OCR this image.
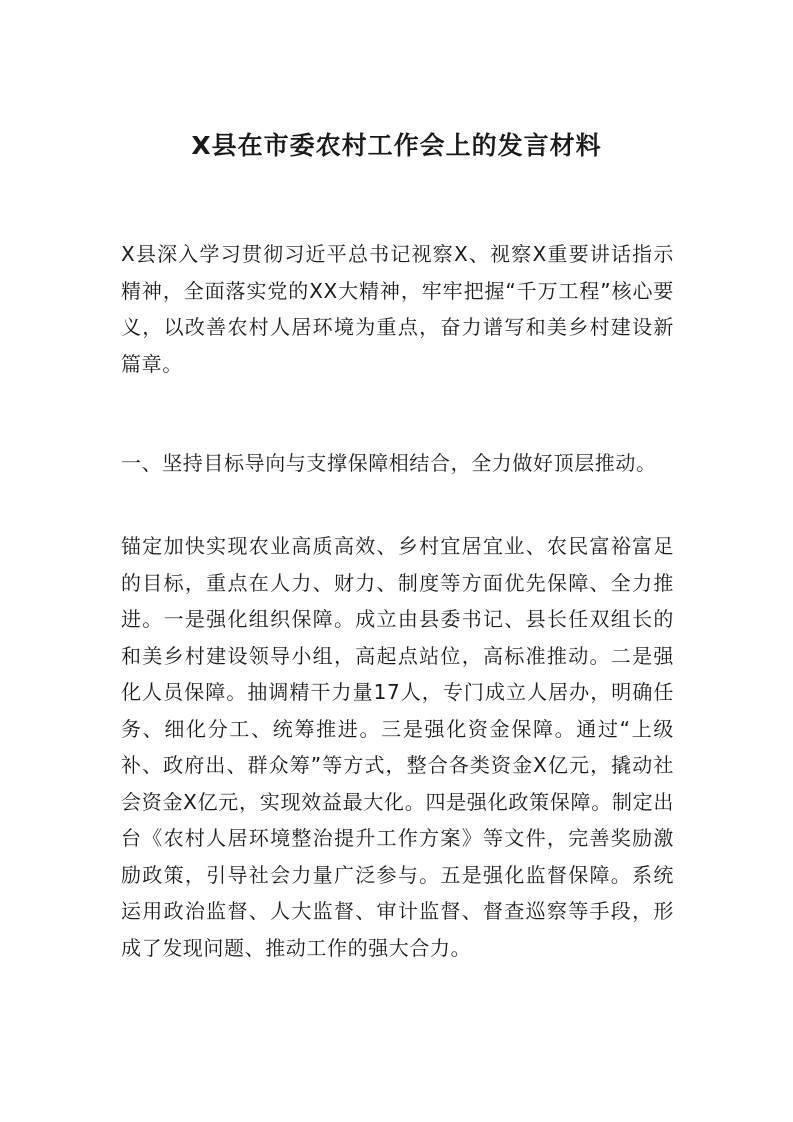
X县在市委农村工作会上的发言材料

X县深入学习贯彻习近平总书记视察X、视察X重要讲话指示精神，全面落实党的XX大精神，牢牢把握“千万工程”核心要义，以改善农村人居环境为重点，奋力谱写和美乡村建设新篇章。

一、坚持目标导向与支撑保障相结合，全力做好顶层推动。

锚定加快实现农业高质高效、乡村宜居宜业、农民富裕富足的目标，重点在人力、财力、制度等方面优先保障、全力推进。一是强化组织保障。成立由县委书记、县长任双组长的和美乡村建设领导小组，高起点站位，高标准推动。二是强化人员保障。抽调精干力量17人，专门成立人居办，明确任务、细化分工、统筹推进。三是强化资金保障。通过“上级补、政府出、群众筹”等方式，整合各类资金X亿元，撬动社会资金X亿元，实现效益最大化。四是强化政策保障。制定出台《农村人居环境整治提升工作方案》等文件，完善奖励激励政策，引导社会力量广泛参与。五是强化监督保障。系统运用政治监督、人大监督、审计监督、督查巡察等手段，形成了发现问题、推动工作的强大合力。
